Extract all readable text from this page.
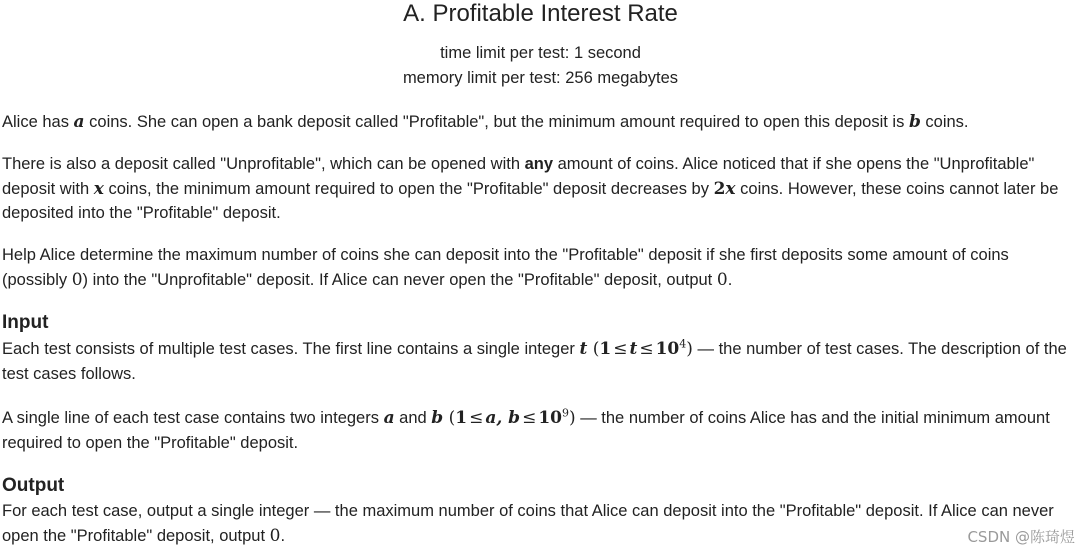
A. Profitable Interest Rate
time limit per test: 1 second
memory limit per test: 256 megabytes
Alice has a coins. She can open a bank deposit called "Profitable", but the minimum amount required to open this deposit is b coins.
There is also a deposit called "Unprofitable", which can be opened with any amount of coins. Alice noticed that if she opens the "Unprofitable" deposit with x coins, the minimum amount required to open the "Profitable" deposit decreases by 2x coins. However, these coins cannot later be deposited into the "Profitable" deposit.
Help Alice determine the maximum number of coins she can deposit into the "Profitable" deposit if she first deposits some amount of coins (possibly 0) into the "Unprofitable" deposit. If Alice can never open the "Profitable" deposit, output 0.
Input
Each test consists of multiple test cases. The first line contains a single integer t $(1 \le t \le 10^4)$ — the number of test cases. The description of the test cases follows.
A single line of each test case contains two integers a and b (1 ≤ a, $b \le 10^9$) — the number of coins Alice has and the initial minimum amount required to open the "Profitable" deposit.
Output
For each test case, output a single integer — the maximum number of coins that Alice can deposit into the "Profitable" deposit. If Alice can never open the "Profitable" deposit, output 0.	CSDN @陈琦煜
